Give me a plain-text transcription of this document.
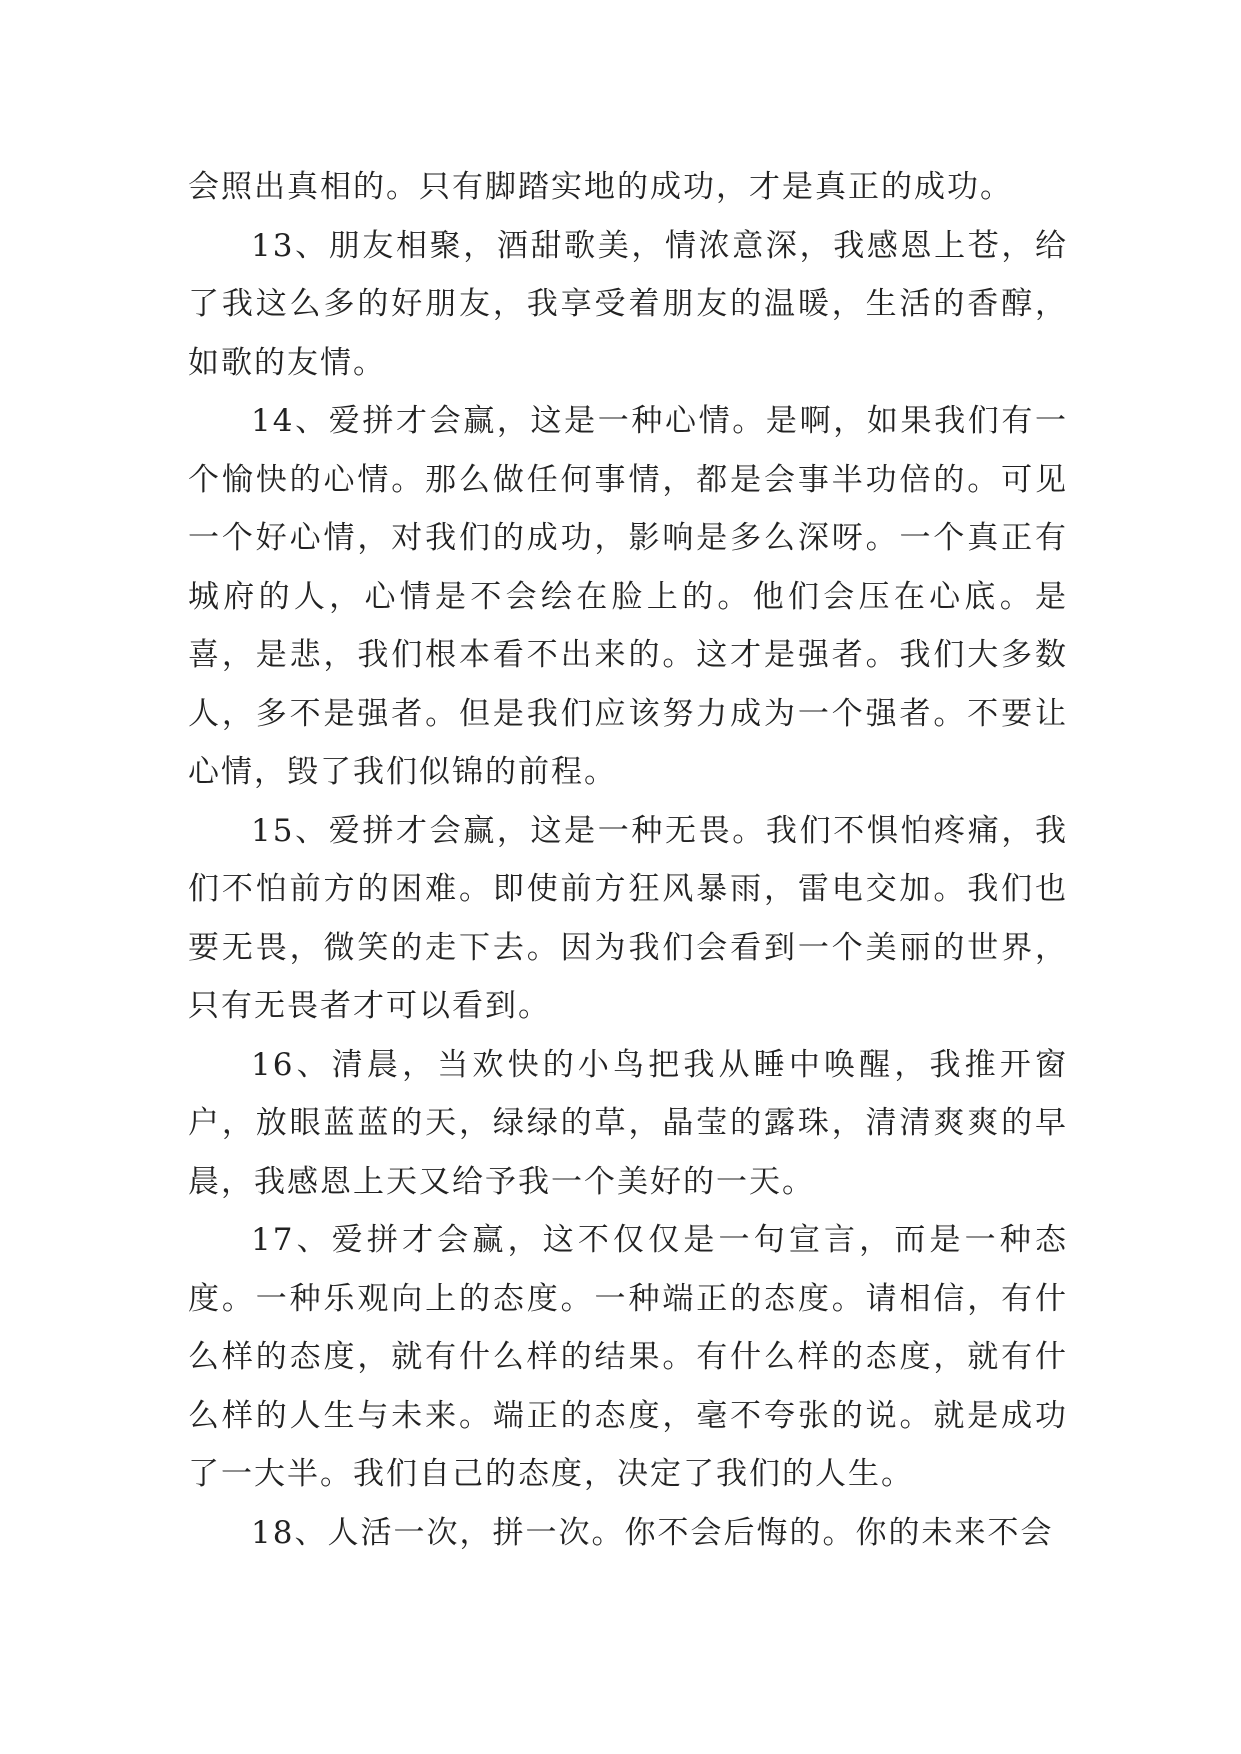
会照出真相的。只有脚踏实地的成功，才是真正的成功。

13、朋友相聚，酒甜歌美，情浓意深，我感恩上苍，给了我这么多的好朋友，我享受着朋友的温暖，生活的香醇，如歌的友情。

14、爱拼才会赢，这是一种心情。是啊，如果我们有一个愉快的心情。那么做任何事情，都是会事半功倍的。可见一个好心情，对我们的成功，影响是多么深呀。一个真正有城府的人，心情是不会绘在脸上的。他们会压在心底。是喜，是悲，我们根本看不出来的。这才是强者。我们大多数人，多不是强者。但是我们应该努力成为一个强者。不要让心情，毁了我们似锦的前程。

15、爱拼才会赢，这是一种无畏。我们不惧怕疼痛，我们不怕前方的困难。即使前方狂风暴雨，雷电交加。我们也要无畏，微笑的走下去。因为我们会看到一个美丽的世界，只有无畏者才可以看到。

16、清晨，当欢快的小鸟把我从睡中唤醒，我推开窗户，放眼蓝蓝的天，绿绿的草，晶莹的露珠，清清爽爽的早晨，我感恩上天又给予我一个美好的一天。

17、爱拼才会赢，这不仅仅是一句宣言，而是一种态度。一种乐观向上的态度。一种端正的态度。请相信，有什么样的态度，就有什么样的结果。有什么样的态度，就有什么样的人生与未来。端正的态度，毫不夸张的说。就是成功了一大半。我们自己的态度，决定了我们的人生。

18、人活一次，拼一次。你不会后悔的。你的未来不会
